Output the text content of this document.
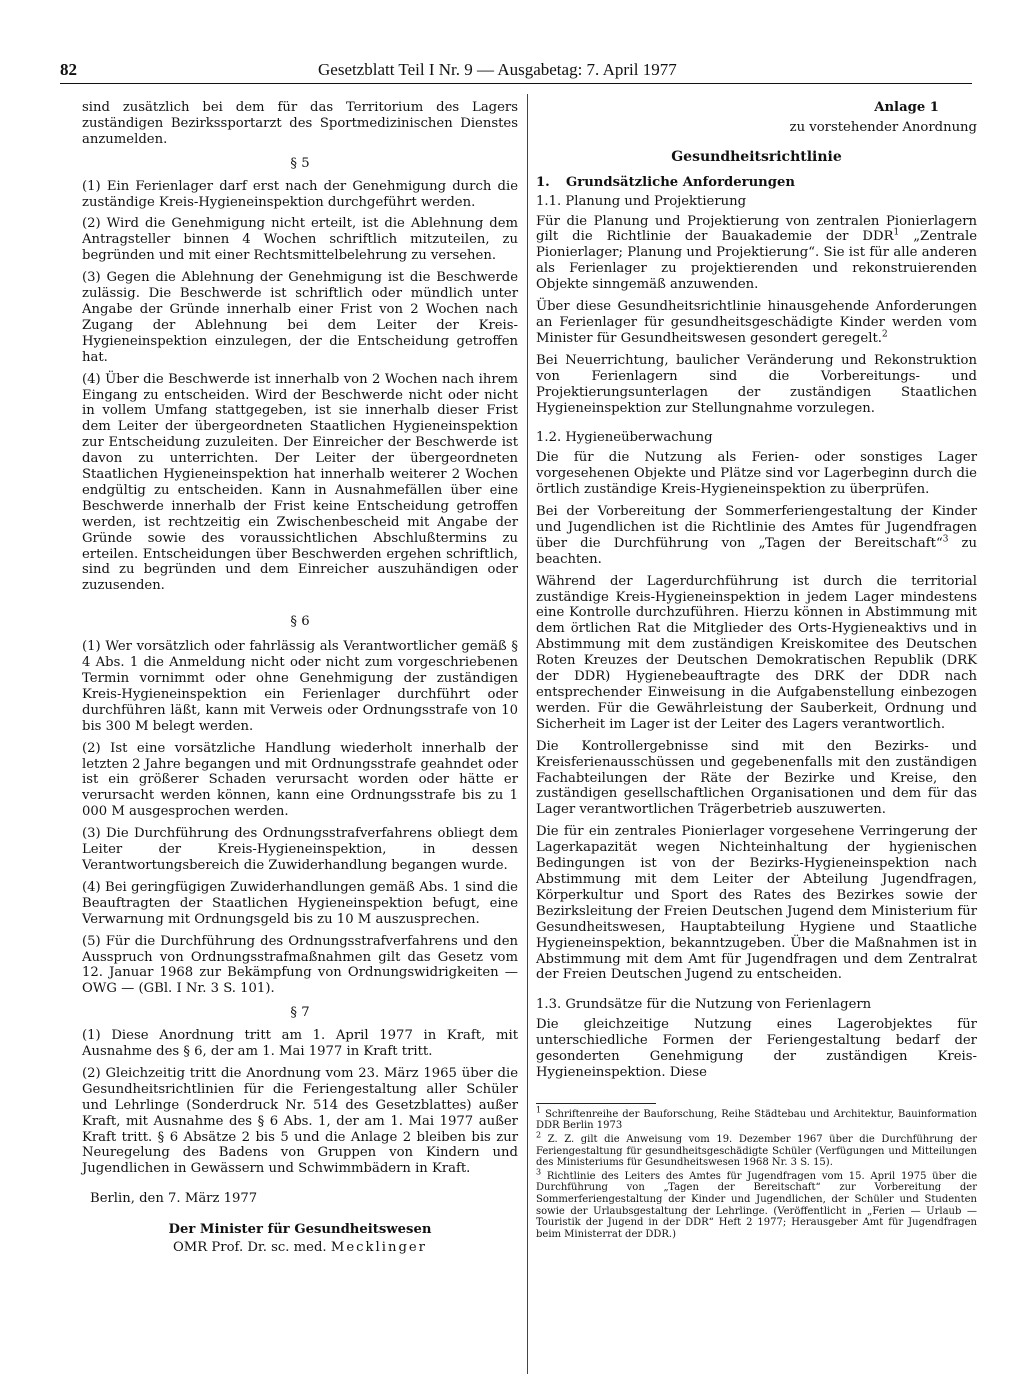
82	Gesetzblatt Teil I Nr. 9 — Ausgabetag: 7. April 1977

sind zusätzlich bei dem für das Territorium des Lagers zuständigen Bezirkssportarzt des Sportmedizinischen Dienstes anzumelden.

§ 5

(1) Ein Ferienlager darf erst nach der Genehmigung durch die zuständige Kreis-Hygieneinspektion durchgeführt werden.

(2) Wird die Genehmigung nicht erteilt, ist die Ablehnung dem Antragsteller binnen 4 Wochen schriftlich mitzuteilen, zu begründen und mit einer Rechtsmittelbelehrung zu versehen.

(3) Gegen die Ablehnung der Genehmigung ist die Beschwerde zulässig. Die Beschwerde ist schriftlich oder mündlich unter Angabe der Gründe innerhalb einer Frist von 2 Wochen nach Zugang der Ablehnung bei dem Leiter der Kreis-Hygieneinspektion einzulegen, der die Entscheidung getroffen hat.

(4) Über die Beschwerde ist innerhalb von 2 Wochen nach ihrem Eingang zu entscheiden. Wird der Beschwerde nicht oder nicht in vollem Umfang stattgegeben, ist sie innerhalb dieser Frist dem Leiter der übergeordneten Staatlichen Hygieneinspektion zur Entscheidung zuzuleiten. Der Einreicher der Beschwerde ist davon zu unterrichten. Der Leiter der übergeordneten Staatlichen Hygieneinspektion hat innerhalb weiterer 2 Wochen endgültig zu entscheiden. Kann in Ausnahmefällen über eine Beschwerde innerhalb der Frist keine Entscheidung getroffen werden, ist rechtzeitig ein Zwischenbescheid mit Angabe der Gründe sowie des voraussichtlichen Abschlußtermins zu erteilen. Entscheidungen über Beschwerden ergehen schriftlich, sind zu begründen und dem Einreicher auszuhändigen oder zuzusenden.

§ 6

(1) Wer vorsätzlich oder fahrlässig als Verantwortlicher gemäß § 4 Abs. 1 die Anmeldung nicht oder nicht zum vorgeschriebenen Termin vornimmt oder ohne Genehmigung der zuständigen Kreis-Hygieneinspektion ein Ferienlager durchführt oder durchführen läßt, kann mit Verweis oder Ordnungsstrafe von 10 bis 300 M belegt werden.

(2) Ist eine vorsätzliche Handlung wiederholt innerhalb der letzten 2 Jahre begangen und mit Ordnungsstrafe geahndet oder ist ein größerer Schaden verursacht worden oder hätte er verursacht werden können, kann eine Ordnungsstrafe bis zu 1 000 M ausgesprochen werden.

(3) Die Durchführung des Ordnungsstrafverfahrens obliegt dem Leiter der Kreis-Hygieneinspektion, in dessen Verantwortungsbereich die Zuwiderhandlung begangen wurde.

(4) Bei geringfügigen Zuwiderhandlungen gemäß Abs. 1 sind die Beauftragten der Staatlichen Hygieneinspektion befugt, eine Verwarnung mit Ordnungsgeld bis zu 10 M auszusprechen.

(5) Für die Durchführung des Ordnungsstrafverfahrens und den Ausspruch von Ordnungsstrafmaßnahmen gilt das Gesetz vom 12. Januar 1968 zur Bekämpfung von Ordnungswidrigkeiten — OWG — (GBl. I Nr. 3 S. 101).

§ 7

(1) Diese Anordnung tritt am 1. April 1977 in Kraft, mit Ausnahme des § 6, der am 1. Mai 1977 in Kraft tritt.

(2) Gleichzeitig tritt die Anordnung vom 23. März 1965 über die Gesundheitsrichtlinien für die Feriengestaltung aller Schüler und Lehrlinge (Sonderdruck Nr. 514 des Gesetzblattes) außer Kraft, mit Ausnahme des § 6 Abs. 1, der am 1. Mai 1977 außer Kraft tritt. § 6 Absätze 2 bis 5 und die Anlage 2 bleiben bis zur Neuregelung des Badens von Gruppen von Kindern und Jugendlichen in Gewässern und Schwimmbädern in Kraft.

Berlin, den 7. März 1977

Der Minister für Gesundheitswesen

OMR Prof. Dr. sc. med. Mecklinger

Anlage 1

zu vorstehender Anordnung

Gesundheitsrichtlinie
1. Grundsätzliche Anforderungen
1.1. Planung und Projektierung

Für die Planung und Projektierung von zentralen Pionierlagern gilt die Richtlinie der Bauakademie der DDR$^1$ „Zentrale Pionierlager; Planung und Projektierung“. Sie ist für alle anderen als Ferienlager zu projektierenden und rekonstruierenden Objekte sinngemäß anzuwenden.

Über diese Gesundheitsrichtlinie hinausgehende Anforderungen an Ferienlager für gesundheitsgeschädigte Kinder werden vom Minister für Gesundheitswesen gesondert geregelt.$^2$

Bei Neuerrichtung, baulicher Veränderung und Rekonstruktion von Ferienlagern sind die Vorbereitungs- und Projektierungsunterlagen der zuständigen Staatlichen Hygieneinspektion zur Stellungnahme vorzulegen.

1.2. Hygieneüberwachung

Die für die Nutzung als Ferien- oder sonstiges Lager vorgesehenen Objekte und Plätze sind vor Lagerbeginn durch die örtlich zuständige Kreis-Hygieneinspektion zu überprüfen.

Bei der Vorbereitung der Sommerferiengestaltung der Kinder und Jugendlichen ist die Richtlinie des Amtes für Jugendfragen über die Durchführung von „Tagen der Bereitschaft“$^3$ zu beachten.

Während der Lagerdurchführung ist durch die territorial zuständige Kreis-Hygieneinspektion in jedem Lager mindestens eine Kontrolle durchzuführen. Hierzu können in Abstimmung mit dem örtlichen Rat die Mitglieder des Orts-Hygieneaktivs und in Abstimmung mit dem zuständigen Kreiskomitee des Deutschen Roten Kreuzes der Deutschen Demokratischen Republik (DRK der DDR) Hygienebeauftragte des DRK der DDR nach entsprechender Einweisung in die Aufgabenstellung einbezogen werden. Für die Gewährleistung der Sauberkeit, Ordnung und Sicherheit im Lager ist der Leiter des Lagers verantwortlich.

Die Kontrollergebnisse sind mit den Bezirks- und Kreisferienausschüssen und gegebenenfalls mit den zuständigen Fachabteilungen der Räte der Bezirke und Kreise, den zuständigen gesellschaftlichen Organisationen und dem für das Lager verantwortlichen Trägerbetrieb auszuwerten.

Die für ein zentrales Pionierlager vorgesehene Verringerung der Lagerkapazität wegen Nichteinhaltung der hygienischen Bedingungen ist von der Bezirks-Hygieneinspektion nach Abstimmung mit dem Leiter der Abteilung Jugendfragen, Körperkultur und Sport des Rates des Bezirkes sowie der Bezirksleitung der Freien Deutschen Jugend dem Ministerium für Gesundheitswesen, Hauptabteilung Hygiene und Staatliche Hygieneinspektion, bekanntzugeben. Über die Maßnahmen ist in Abstimmung mit dem Amt für Jugendfragen und dem Zentralrat der Freien Deutschen Jugend zu entscheiden.

1.3. Grundsätze für die Nutzung von Ferienlagern

Die gleichzeitige Nutzung eines Lagerobjektes für unterschiedliche Formen der Feriengestaltung bedarf der gesonderten Genehmigung der zuständigen Kreis-Hygieneinspektion. Diese

$^1$ Schriftenreihe der Bauforschung, Reihe Städtebau und Architektur, Bauinformation DDR Berlin 1973

$^2$ Z. Z. gilt die Anweisung vom 19. Dezember 1967 über die Durchführung der Feriengestaltung für gesundheitsgeschädigte Schüler (Verfügungen und Mitteilungen des Ministeriums für Gesundheitswesen 1968 Nr. 3 S. 15).

$^3$ Richtlinie des Leiters des Amtes für Jugendfragen vom 15. April 1975 über die Durchführung von „Tagen der Bereitschaft“ zur Vorbereitung der Sommerferiengestaltung der Kinder und Jugendlichen, der Schüler und Studenten sowie der Urlaubsgestaltung der Lehrlinge. (Veröffentlicht in „Ferien — Urlaub — Touristik der Jugend in der DDR“ Heft 2 1977; Herausgeber Amt für Jugendfragen beim Ministerrat der DDR.)
